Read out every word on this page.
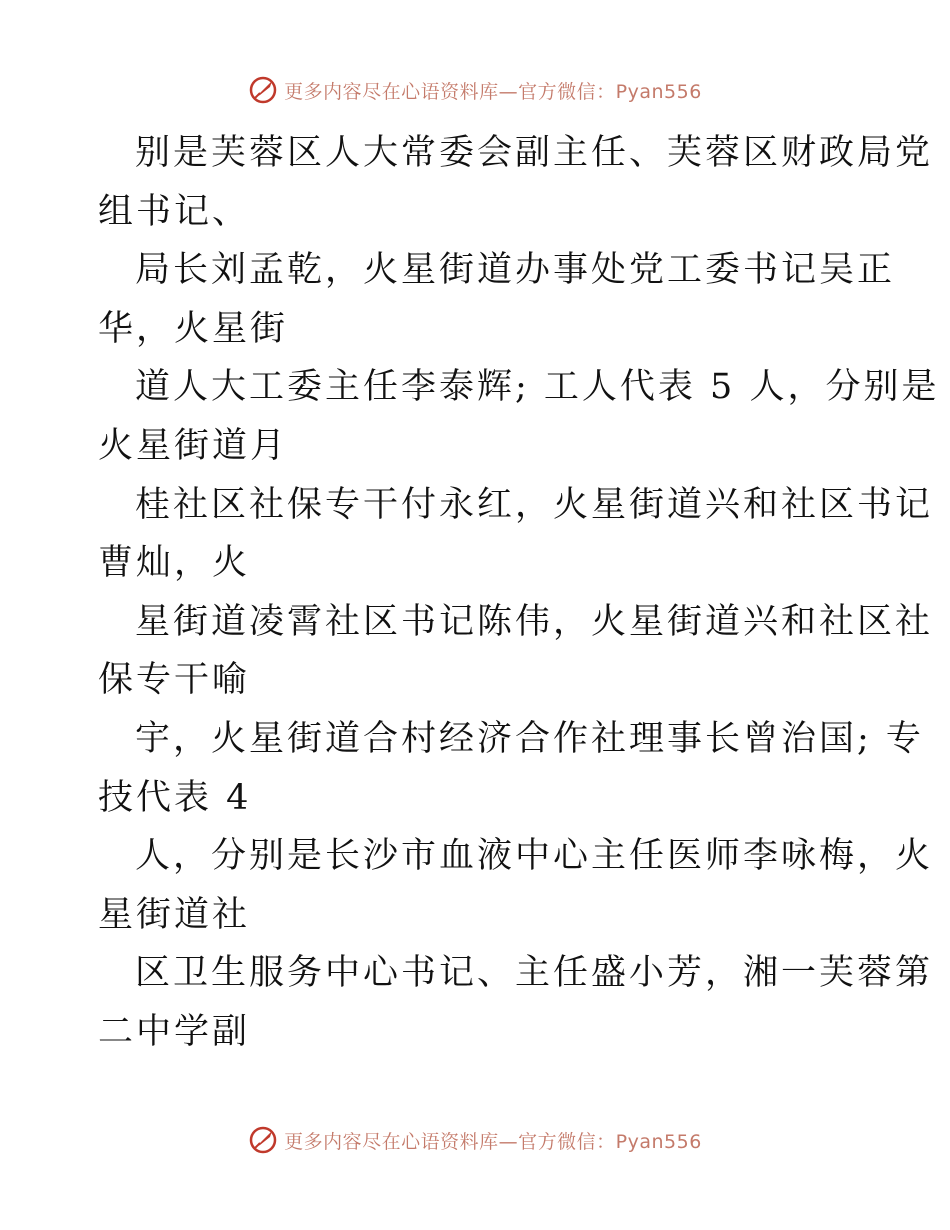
更多内容尽在心语资料库—官方微信：Pyan556
别是芙蓉区人大常委会副主任、芙蓉区财政局党
组书记、
局长刘孟乾，火星街道办事处党工委书记吴正
华，火星街
道人大工委主任李泰辉; 工人代表 5 人，分别是
火星街道月
桂社区社保专干付永红，火星街道兴和社区书记
曹灿，火
星街道凌霄社区书记陈伟，火星街道兴和社区社
保专干喻
宇，火星街道合村经济合作社理事长曾治国; 专
技代表 4
人，分别是长沙市血液中心主任医师李咏梅，火
星街道社
区卫生服务中心书记、主任盛小芳，湘一芙蓉第
二中学副
更多内容尽在心语资料库—官方微信：Pyan556
